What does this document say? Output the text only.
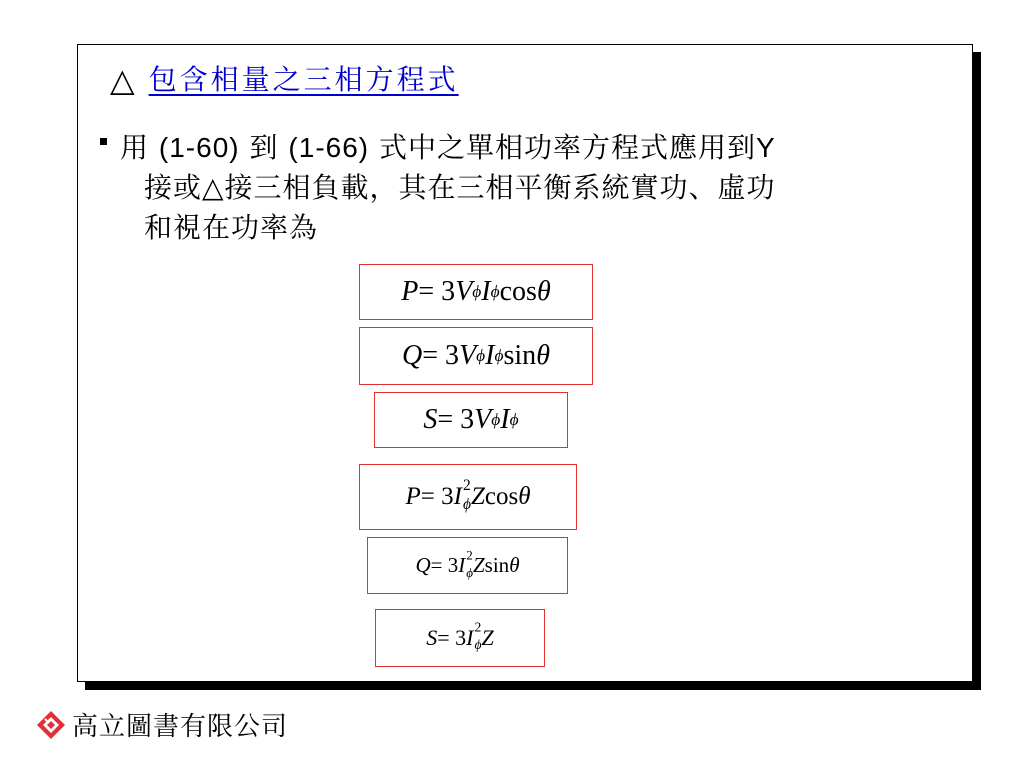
△ 包含相量之三相方程式
用 (1-60) 到 (1-66) 式中之單相功率方程式應用到Y
接或△接三相負載，其在三相平衡系統實功、虛功
和視在功率為
P = 3 V ϕ I ϕ cos θ
Q = 3 V ϕ I ϕ sin θ
S = 3 V ϕ I ϕ
P = 3 I 2
ϕ Z cos θ
Q = 3 I 2
ϕ Z sin θ
S = 3 I 2
ϕ Z
高立圖書有限公司
